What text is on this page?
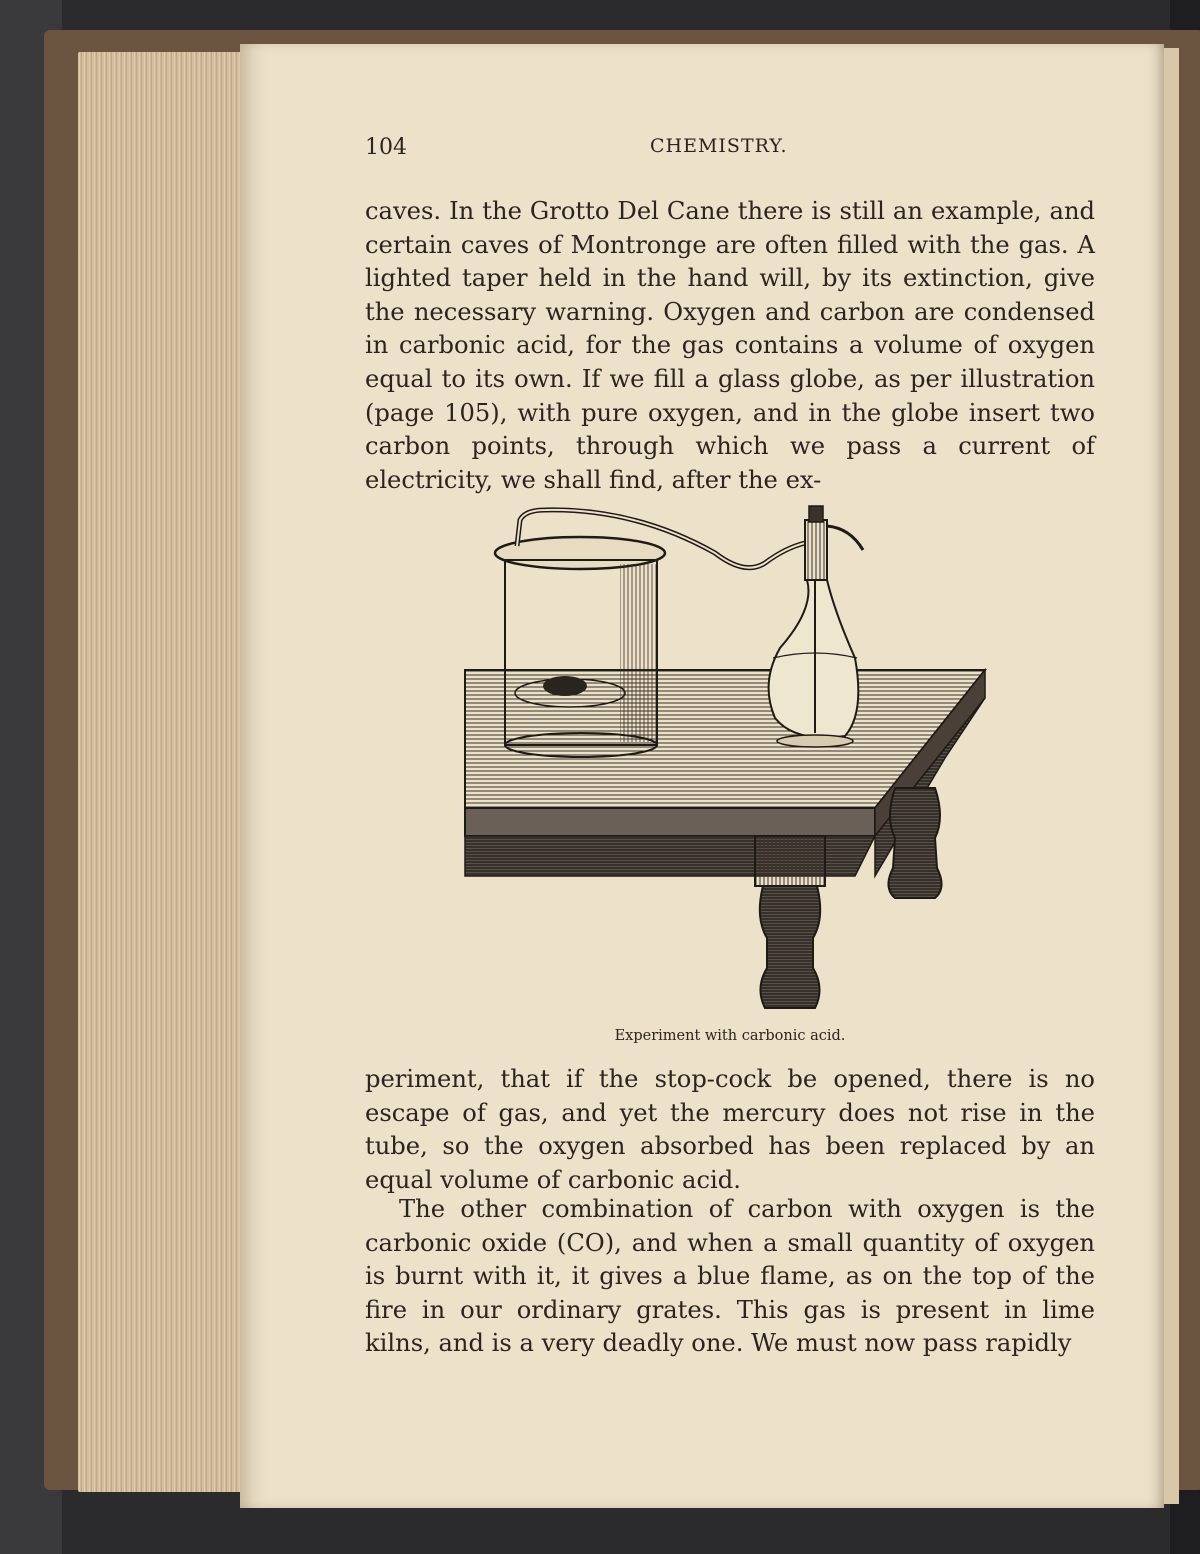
104	CHEMISTRY.

caves. In the Grotto Del Cane there is still an example, and certain caves of Montronge are often filled with the gas. A lighted taper held in the hand will, by its extinction, give the necessary warning. Oxygen and carbon are condensed in carbonic acid, for the gas contains a volume of oxygen equal to its own. If we fill a glass globe, as per illustration (page 105), with pure oxygen, and in the globe insert two carbon points, through which we pass a current of electricity, we shall find, after the ex-

Experiment with carbonic acid.

periment, that if the stop-cock be opened, there is no escape of gas, and yet the mercury does not rise in the tube, so the oxygen absorbed has been replaced by an equal volume of carbonic acid.

The other combination of carbon with oxygen is the carbonic oxide (CO), and when a small quantity of oxygen is burnt with it, it gives a blue flame, as on the top of the fire in our ordinary grates. This gas is present in lime kilns, and is a very deadly one. We must now pass rapidly
